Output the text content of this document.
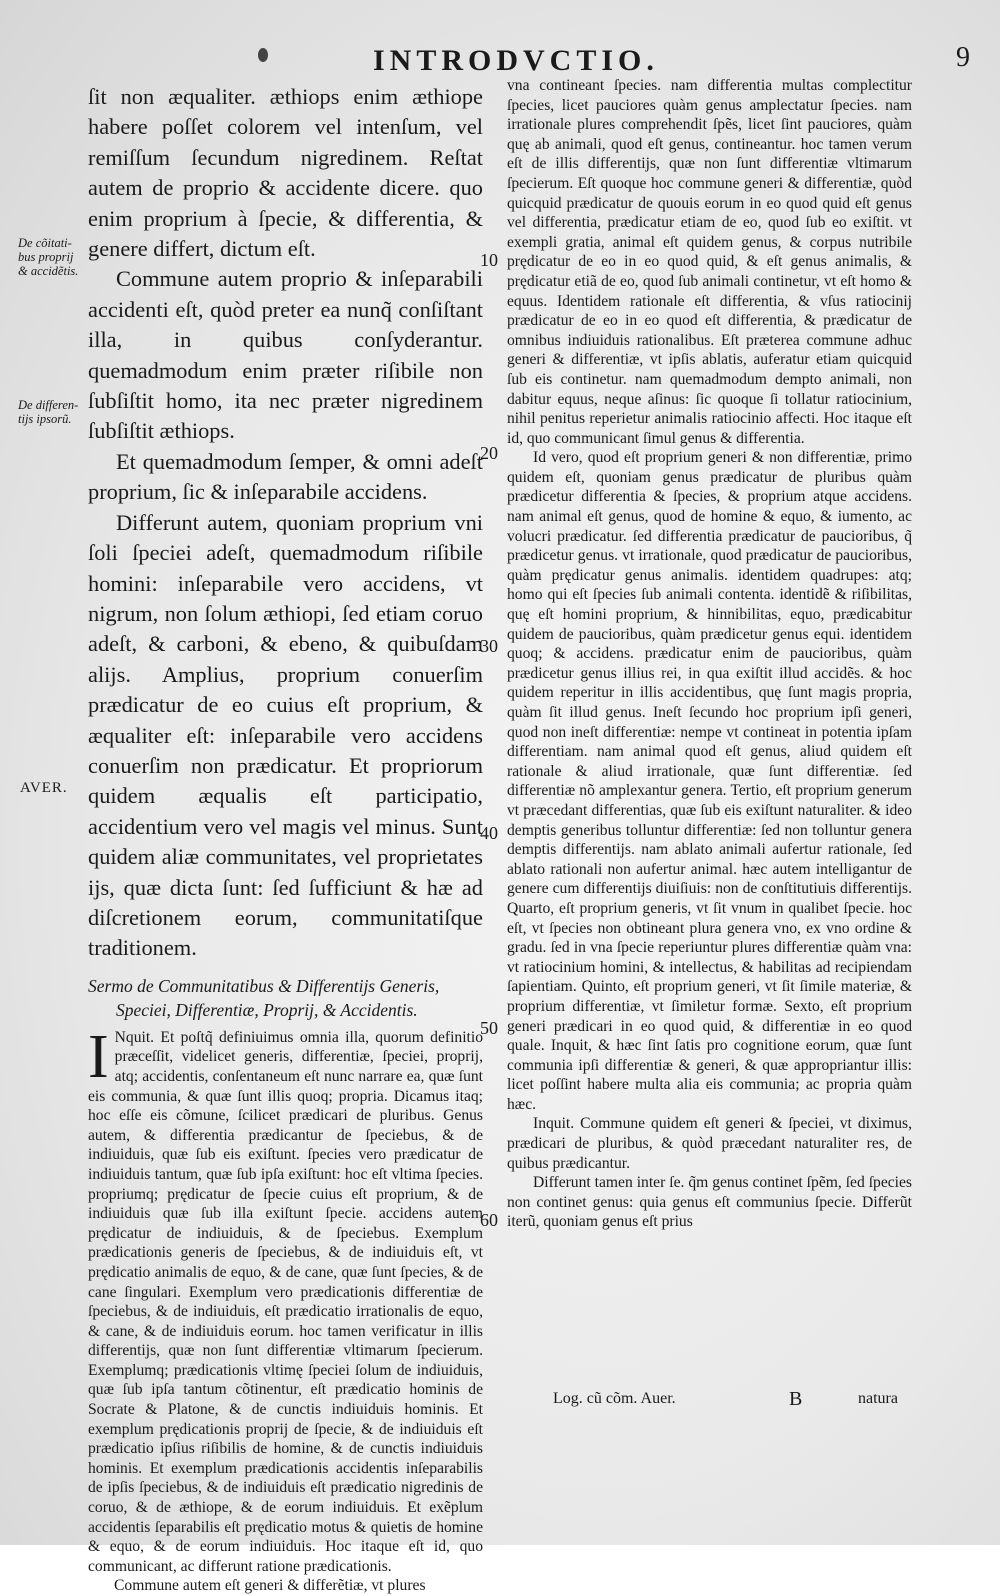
INTRODVCTIO.	9
De cõitati-
bus proprij
& accidẽtis.
De differen-
tijs ipsorũ.
AVER.
10
20
30
40
50
60

ſit non æqualiter. æthiops enim æthiope habere poſſet colorem vel intenſum, vel remiſſum ſecundum nigredinem. Reſtat autem de proprio & accidente dicere. quo enim proprium à ſpecie, & differentia, & genere differt, dictum eſt.

Commune autem proprio & inſeparabili accidenti eſt, quòd preter ea nunq̃ conſiſtant illa, in quibus conſyderantur. quemadmodum enim præter riſibile non ſubſiſtit homo, ita nec præter nigredinem ſubſiſtit æthiops.

Et quemadmodum ſemper, & omni adeſt proprium, ſic & inſeparabile accidens.

Differunt autem, quoniam proprium vni ſoli ſpeciei adeſt, quemadmodum riſibile homini: inſeparabile vero accidens, vt nigrum, non ſolum æthiopi, ſed etiam coruo adeſt, & carboni, & ebeno, & quibuſdam alijs. Amplius, proprium conuerſim prædicatur de eo cuius eſt proprium, & æqualiter eſt: inſeparabile vero accidens conuerſim non prædicatur. Et propriorum quidem æqualis eſt participatio, accidentium vero vel magis vel minus. Sunt quidem aliæ communitates, vel proprietates ijs, quæ dicta ſunt: ſed ſufficiunt & hæ ad diſcretionem eorum, communitatiſque traditionem.

Sermo de Communitatibus & Differentijs Generis,
Speciei, Differentiæ, Proprij, & Accidentis.

I Nquit. Et poſtq̃ definiuimus omnia illa, quorum definitio præceſſit, videlicet generis, differentiæ, ſpeciei, proprij, atq; accidentis, conſentaneum eſt nunc narrare ea, quæ ſunt eis communia, & quæ ſunt illis quoq; propria. Dicamus itaq; hoc eſſe eis cõmune, ſcilicet prædicari de pluribus. Genus autem, & differentia prædicantur de ſpeciebus, & de indiuiduis, quæ ſub eis exiſtunt. ſpecies vero prædicatur de indiuiduis tantum, quæ ſub ipſa exiſtunt: hoc eſt vltima ſpecies. propriumq; prędicatur de ſpecie cuius eſt proprium, & de indiuiduis quæ ſub illa exiſtunt ſpecie. accidens autem prędicatur de indiuiduis, & de ſpeciebus. Exemplum prædicationis generis de ſpeciebus, & de indiuiduis eſt, vt prędicatio animalis de equo, & de cane, quæ ſunt ſpecies, & de cane ſingulari. Exemplum vero prædicationis differentiæ de ſpeciebus, & de indiuiduis, eſt prædicatio irrationalis de equo, & cane, & de indiuiduis eorum. hoc tamen verificatur in illis differentijs, quæ non ſunt differentiæ vltimarum ſpecierum. Exemplumq; prædicationis vltimę ſpeciei ſolum de indiuiduis, quæ ſub ipſa tantum cõtinentur, eſt prædicatio hominis de Socrate & Platone, & de cunctis indiuiduis hominis. Et exemplum prędicationis proprij de ſpecie, & de indiuiduis eſt prædicatio ipſius riſibilis de homine, & de cunctis indiuiduis hominis. Et exemplum prædicationis accidentis inſeparabilis de ipſis ſpeciebus, & de indiuiduis eſt prædicatio nigredinis de coruo, & de æthiope, & de eorum indiuiduis. Et exẽplum accidentis ſeparabilis eſt prędicatio motus & quietis de homine & equo, & de eorum indiuiduis. Hoc itaque eſt id, quo communicant, ac differunt ratione prædicationis.

Commune autem eſt generi & differẽtiæ, vt plures

vna contineant ſpecies. nam differentia multas complectitur ſpecies, licet pauciores quàm genus amplectatur ſpecies. nam irrationale plures comprehendit ſpẽs, licet ſint pauciores, quàm quę ab animali, quod eſt genus, contineantur. hoc tamen verum eſt de illis differentijs, quæ non ſunt differentiæ vltimarum ſpecierum. Eſt quoque hoc commune generi & differentiæ, quòd quicquid prædicatur de quouis eorum in eo quod quid eſt genus vel differentia, prædicatur etiam de eo, quod ſub eo exiſtit. vt exempli gratia, animal eſt quidem genus, & corpus nutribile prędicatur de eo in eo quod quid, & eſt genus animalis, & prędicatur etiã de eo, quod ſub animali continetur, vt eſt homo & equus. Identidem rationale eſt differentia, & vſus ratiocinij prædicatur de eo in eo quod eſt differentia, & prædicatur de omnibus indiuiduis rationalibus. Eſt præterea commune adhuc generi & differentiæ, vt ipſis ablatis, auferatur etiam quicquid ſub eis continetur. nam quemadmodum dempto animali, non dabitur equus, neque aſinus: ſic quoque ſi tollatur ratiocinium, nihil penitus reperietur animalis ratiocinio affecti. Hoc itaque eſt id, quo communicant ſimul genus & differentia.

Id vero, quod eſt proprium generi & non differentiæ, primo quidem eſt, quoniam genus prædicatur de pluribus quàm prædicetur differentia & ſpecies, & proprium atque accidens. nam animal eſt genus, quod de homine & equo, & iumento, ac volucri prædicatur. ſed differentia prædicatur de paucioribus, q̃ prædicetur genus. vt irrationale, quod prædicatur de paucioribus, quàm prędicatur genus animalis. identidem quadrupes: atq; homo qui eſt ſpecies ſub animali contenta. identidẽ & riſibilitas, quę eſt homini proprium, & hinnibilitas, equo, prædicabitur quidem de paucioribus, quàm prædicetur genus equi. identidem quoq; & accidens. prædicatur enim de paucioribus, quàm prædicetur genus illius rei, in qua exiſtit illud accidẽs. & hoc quidem reperitur in illis accidentibus, quę ſunt magis propria, quàm ſit illud genus. Ineſt ſecundo hoc proprium ipſi generi, quod non ineſt differentiæ: nempe vt contineat in potentia ipſam differentiam. nam animal quod eſt genus, aliud quidem eſt rationale & aliud irrationale, quæ ſunt differentiæ. ſed differentiæ nõ amplexantur genera. Tertio, eſt proprium generum vt præcedant differentias, quæ ſub eis exiſtunt naturaliter. & ideo demptis generibus tolluntur differentiæ: ſed non tolluntur genera demptis differentijs. nam ablato animali aufertur rationale, ſed ablato rationali non aufertur animal. hæc autem intelligantur de genere cum differentijs diuiſiuis: non de conſtitutiuis differentijs. Quarto, eſt proprium generis, vt ſit vnum in qualibet ſpecie. hoc eſt, vt ſpecies non obtineant plura genera vno, ex vno ordine & gradu. ſed in vna ſpecie reperiuntur plures differentiæ quàm vna: vt ratiocinium homini, & intellectus, & habilitas ad recipiendam ſapientiam. Quinto, eſt proprium generi, vt ſit ſimile materiæ, & proprium differentiæ, vt ſimiletur formæ. Sexto, eſt proprium generi prædicari in eo quod quid, & differentiæ in eo quod quale. Inquit, & hæc ſint ſatis pro cognitione eorum, quæ ſunt communia ipſi differentiæ & generi, & quæ appropriantur illis: licet poſſint habere multa alia eis communia; ac propria quàm hæc.

Inquit. Commune quidem eſt generi & ſpeciei, vt diximus, prædicari de pluribus, & quòd præcedant naturaliter res, de quibus prædicantur.

Differunt tamen inter ſe. q̃m genus continet ſpẽm, ſed ſpecies non continet genus: quia genus eſt communius ſpecie. Differũt iterũ, quoniam genus eſt prius

Log. cũ cõm. Auer.	B	natura
